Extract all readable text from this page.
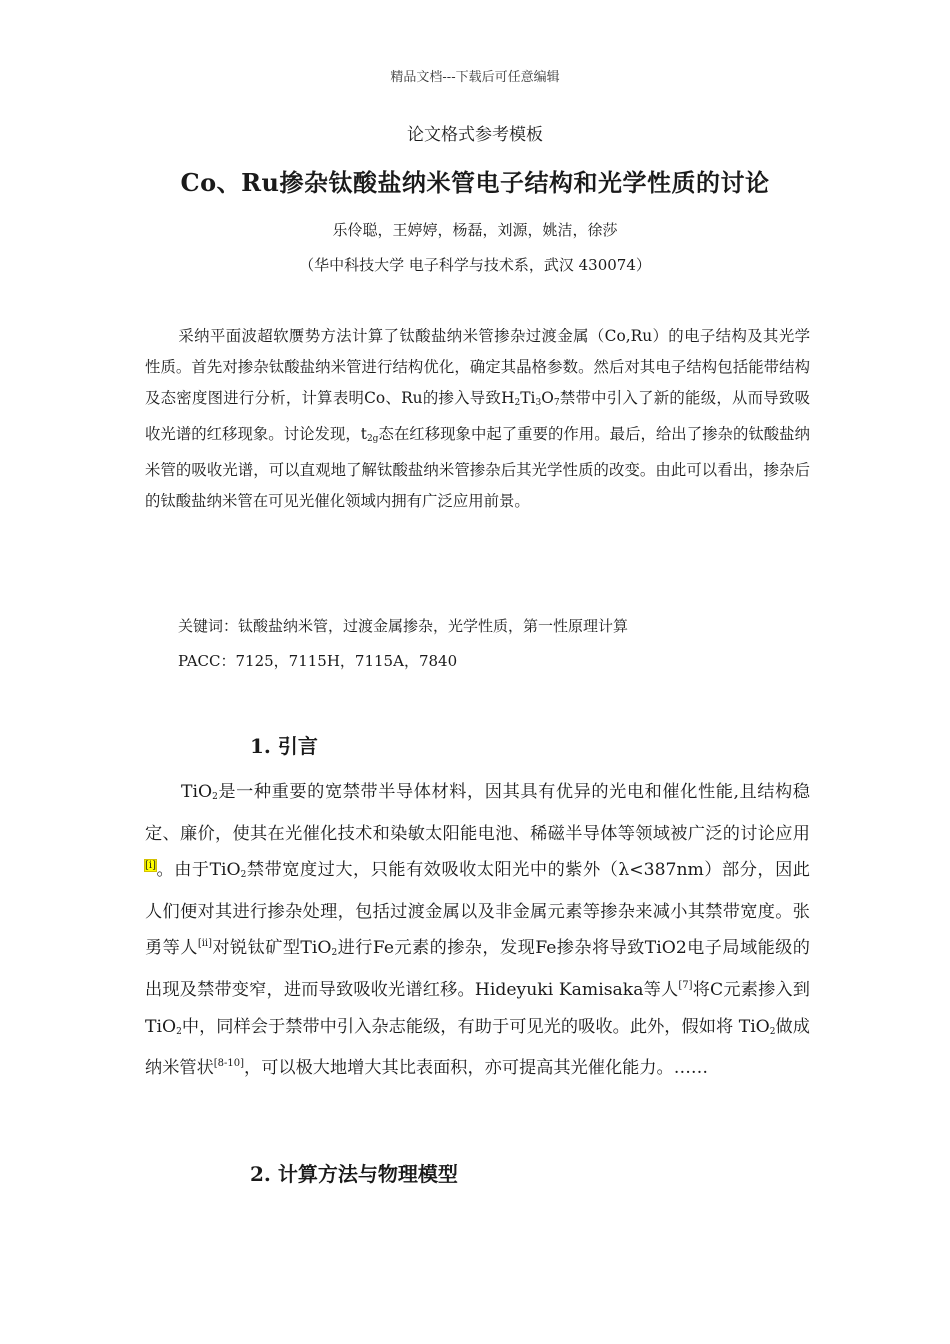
精品文档---下载后可任意编辑
论文格式参考模板
Co、Ru掺杂钛酸盐纳米管电子结构和光学性质的讨论
乐伶聪，王婷婷，杨磊，刘源，姚洁，徐莎
（华中科技大学 电子科学与技术系，武汉 430074）
采纳平面波超软赝势方法计算了钛酸盐纳米管掺杂过渡金属（Co,Ru）的电子结构及其光学性质。首先对掺杂钛酸盐纳米管进行结构优化，确定其晶格参数。然后对其电子结构包括能带结构及态密度图进行分析，计算表明Co、Ru的掺入导致$H_2Ti_3O_7$禁带中引入了新的能级，从而导致吸收光谱的红移现象。讨论发现，$t_{2g}$态在红移现象中起了重要的作用。最后，给出了掺杂的钛酸盐纳米管的吸收光谱，可以直观地了解钛酸盐纳米管掺杂后其光学性质的改变。由此可以看出，掺杂后的钛酸盐纳米管在可见光催化领域内拥有广泛应用前景。
关键词：钛酸盐纳米管，过渡金属掺杂，光学性质，第一性原理计算
PACC：7125，7115H，7115A，7840
1. 引言
TiO$_2$是一种重要的宽禁带半导体材料，因其具有优异的光电和催化性能,且结构稳定、廉价，使其在光催化技术和染敏太阳能电池、稀磁半导体等领域被广泛的讨论应用[i]。由于TiO$_2$禁带宽度过大，只能有效吸收太阳光中的紫外（λ<387nm）部分，因此人们便对其进行掺杂处理，包括过渡金属以及非金属元素等掺杂来减小其禁带宽度。张勇等人[ii]对锐钛矿型TiO$_2$进行Fe元素的掺杂，发现Fe掺杂将导致TiO2电子局域能级的出现及禁带变窄，进而导致吸收光谱红移。Hideyuki Kamisaka等人[7]将C元素掺入到TiO$_2$中，同样会于禁带中引入杂志能级，有助于可见光的吸收。此外，假如将 TiO$_2$做成纳米管状[8-10]，可以极大地增大其比表面积，亦可提高其光催化能力。……
2. 计算方法与物理模型
